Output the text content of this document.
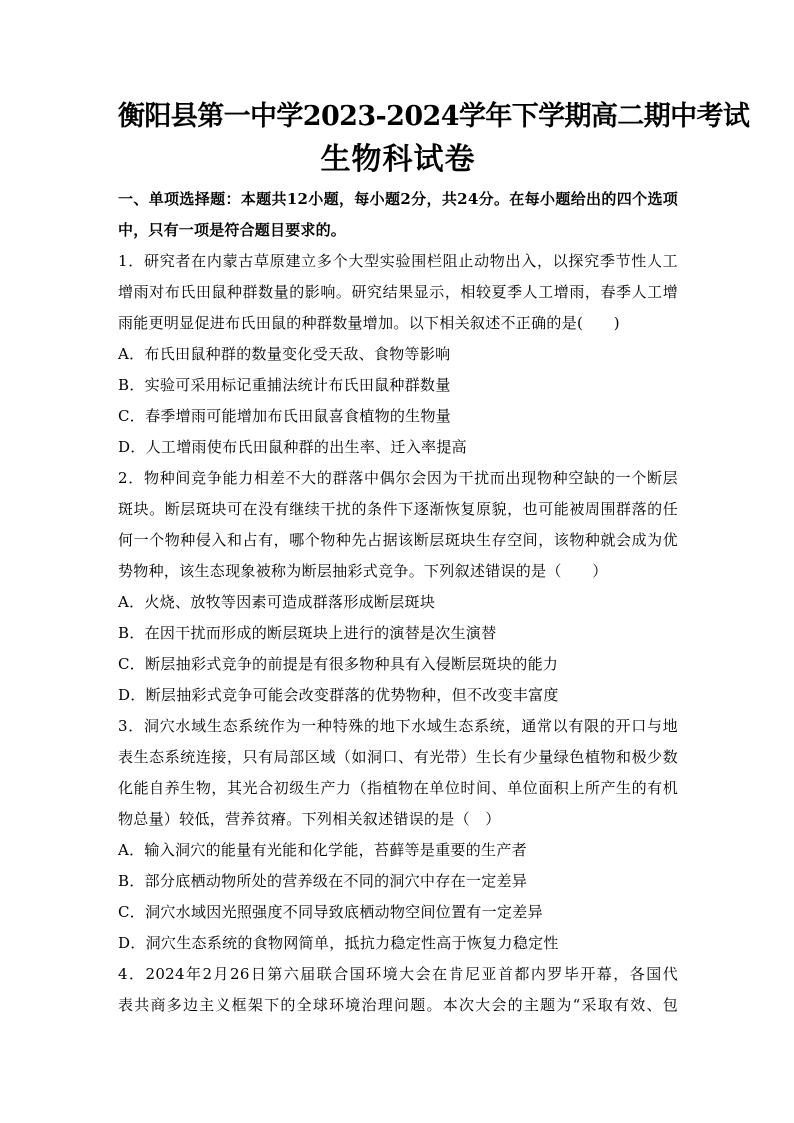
衡阳县第一中学2023-2024学年下学期高二期中考试
生物科试卷
一、单项选择题：本题共12小题，每小题2分，共24分。在每小题给出的四个选项中，只有一项是符合题目要求的。

1．研究者在内蒙古草原建立多个大型实验围栏阻止动物出入，以探究季节性人工增雨对布氏田鼠种群数量的影响。研究结果显示，相较夏季人工增雨，春季人工增雨能更明显促进布氏田鼠的种群数量增加。以下相关叙述不正确的是(　　)

A．布氏田鼠种群的数量变化受天敌、食物等影响

B．实验可采用标记重捕法统计布氏田鼠种群数量

C．春季增雨可能增加布氏田鼠喜食植物的生物量

D．人工增雨使布氏田鼠种群的出生率、迁入率提高

2．物种间竞争能力相差不大的群落中偶尔会因为干扰而出现物种空缺的一个断层斑块。断层斑块可在没有继续干扰的条件下逐渐恢复原貌，也可能被周围群落的任何一个物种侵入和占有，哪个物种先占据该断层斑块生存空间，该物种就会成为优势物种，该生态现象被称为断层抽彩式竞争。下列叙述错误的是（　　）

A．火烧、放牧等因素可造成群落形成断层斑块

B．在因干扰而形成的断层斑块上进行的演替是次生演替

C．断层抽彩式竞争的前提是有很多物种具有入侵断层斑块的能力

D．断层抽彩式竞争可能会改变群落的优势物种，但不改变丰富度

3．洞穴水域生态系统作为一种特殊的地下水域生态系统，通常以有限的开口与地表生态系统连接，只有局部区域（如洞口、有光带）生长有少量绿色植物和极少数化能自养生物，其光合初级生产力（指植物在单位时间、单位面积上所产生的有机物总量）较低，营养贫瘠。下列相关叙述错误的是（　）

A．输入洞穴的能量有光能和化学能，苔藓等是重要的生产者

B．部分底栖动物所处的营养级在不同的洞穴中存在一定差异

C．洞穴水域因光照强度不同导致底栖动物空间位置有一定差异

D．洞穴生态系统的食物网简单，抵抗力稳定性高于恢复力稳定性

4．2024年2月26日第六届联合国环境大会在肯尼亚首都内罗毕开幕，各国代

表共商多边主义框架下的全球环境治理问题。本次大会的主题为“采取有效、包
